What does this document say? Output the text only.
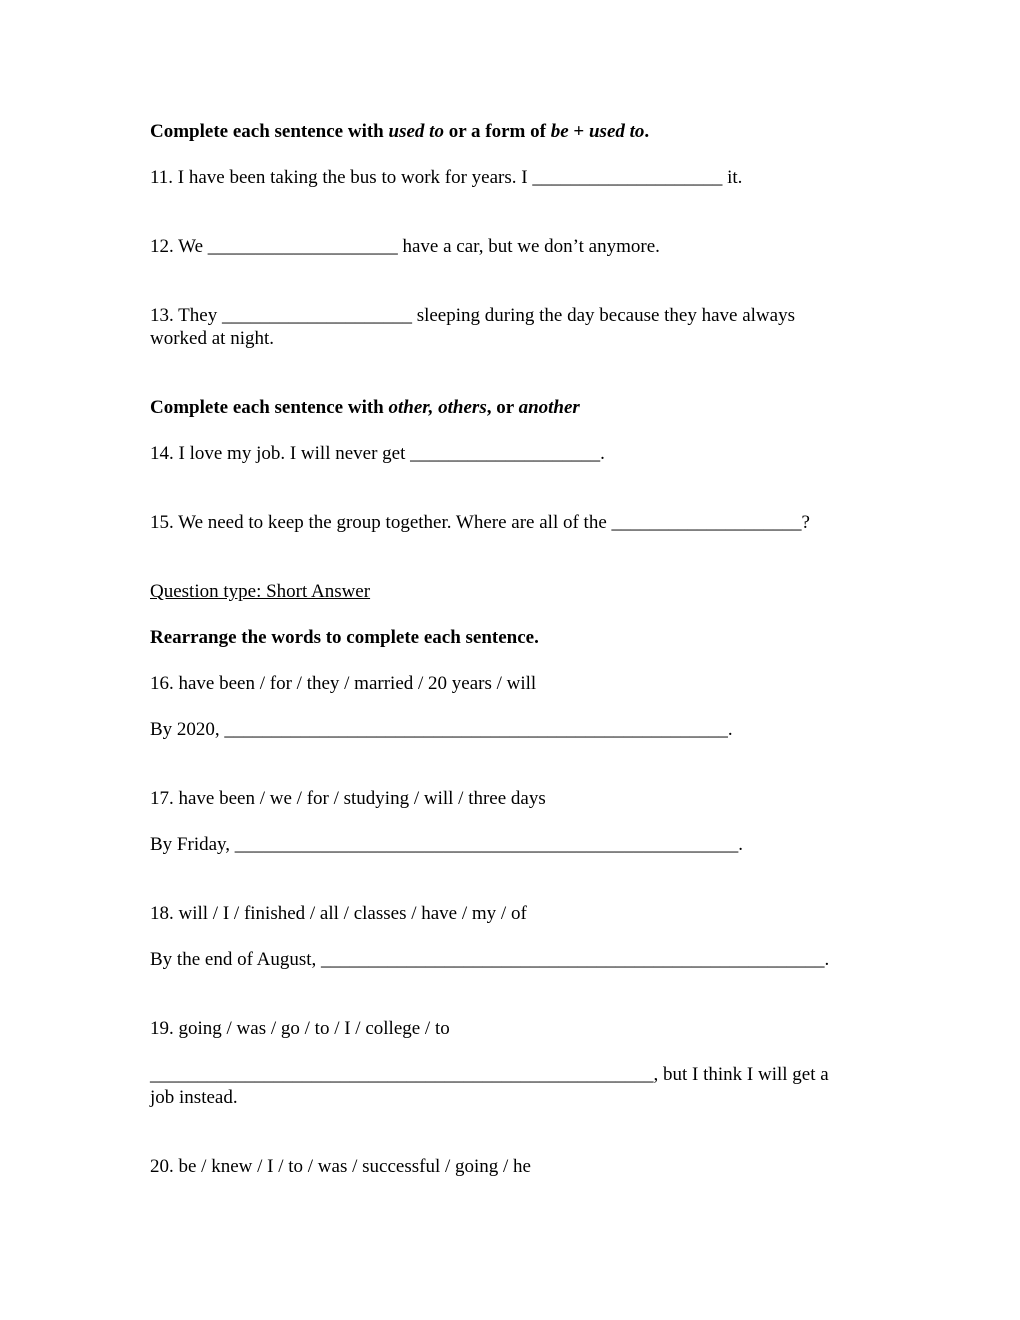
Complete each sentence with used to or a form of be + used to.
11. I have been taking the bus to work for years. I ____________________ it.
12. We ____________________ have a car, but we don’t anymore.
13. They ____________________ sleeping during the day because they have always
worked at night.
Complete each sentence with other, others, or another
14. I love my job. I will never get ____________________.
15. We need to keep the group together. Where are all of the ____________________?
Question type: Short Answer
Rearrange the words to complete each sentence.
16. have been / for / they / married / 20 years / will
By 2020, _____________________________________________________.
17. have been / we / for / studying / will / three days
By Friday, _____________________________________________________.
18. will / I / finished / all / classes / have / my / of
By the end of August, _____________________________________________________.
19. going / was / go / to / I / college / to
_____________________________________________________, but I think I will get a
job instead.
20. be / knew / I / to / was / successful / going / he
